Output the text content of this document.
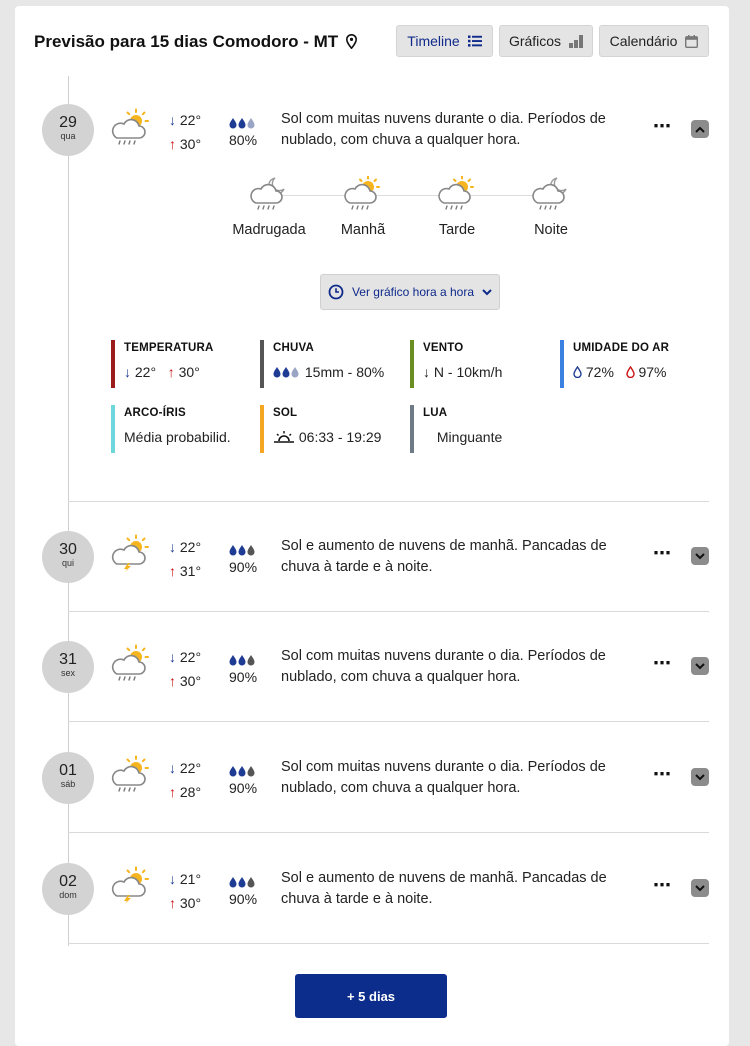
Previsão para 15 dias Comodoro - MT	Timeline	Gráficos	Calendário
29
qua
↓ 22°
↑ 30° 80%
Sol com muitas nuvens durante o dia. Períodos de nublado, com chuva a qualquer hora.
⋯
Madrugada	Manhã	Tarde	Noite
Ver gráfico hora a hora
TEMPERATURA
↓ 22° ↑ 30°
CHUVA
15mm - 80%
VENTO
↓ N - 10km/h
UMIDADE DO AR
72% 97%
ARCO-ÍRIS
Média probabilid.
SOL
06:33 - 19:29
LUA
Minguante
30
qui
↓ 22°
↑ 31° 90%
Sol e aumento de nuvens de manhã. Pancadas de chuva à tarde e à noite.
⋯
31
sex
↓ 22°
↑ 30° 90%
Sol com muitas nuvens durante o dia. Períodos de nublado, com chuva a qualquer hora.
⋯
01
sáb
↓ 22°
↑ 28° 90%
Sol com muitas nuvens durante o dia. Períodos de nublado, com chuva a qualquer hora.
⋯
02
dom
↓ 21°
↑ 30° 90%
Sol e aumento de nuvens de manhã. Pancadas de chuva à tarde e à noite.
⋯
+ 5 dias
